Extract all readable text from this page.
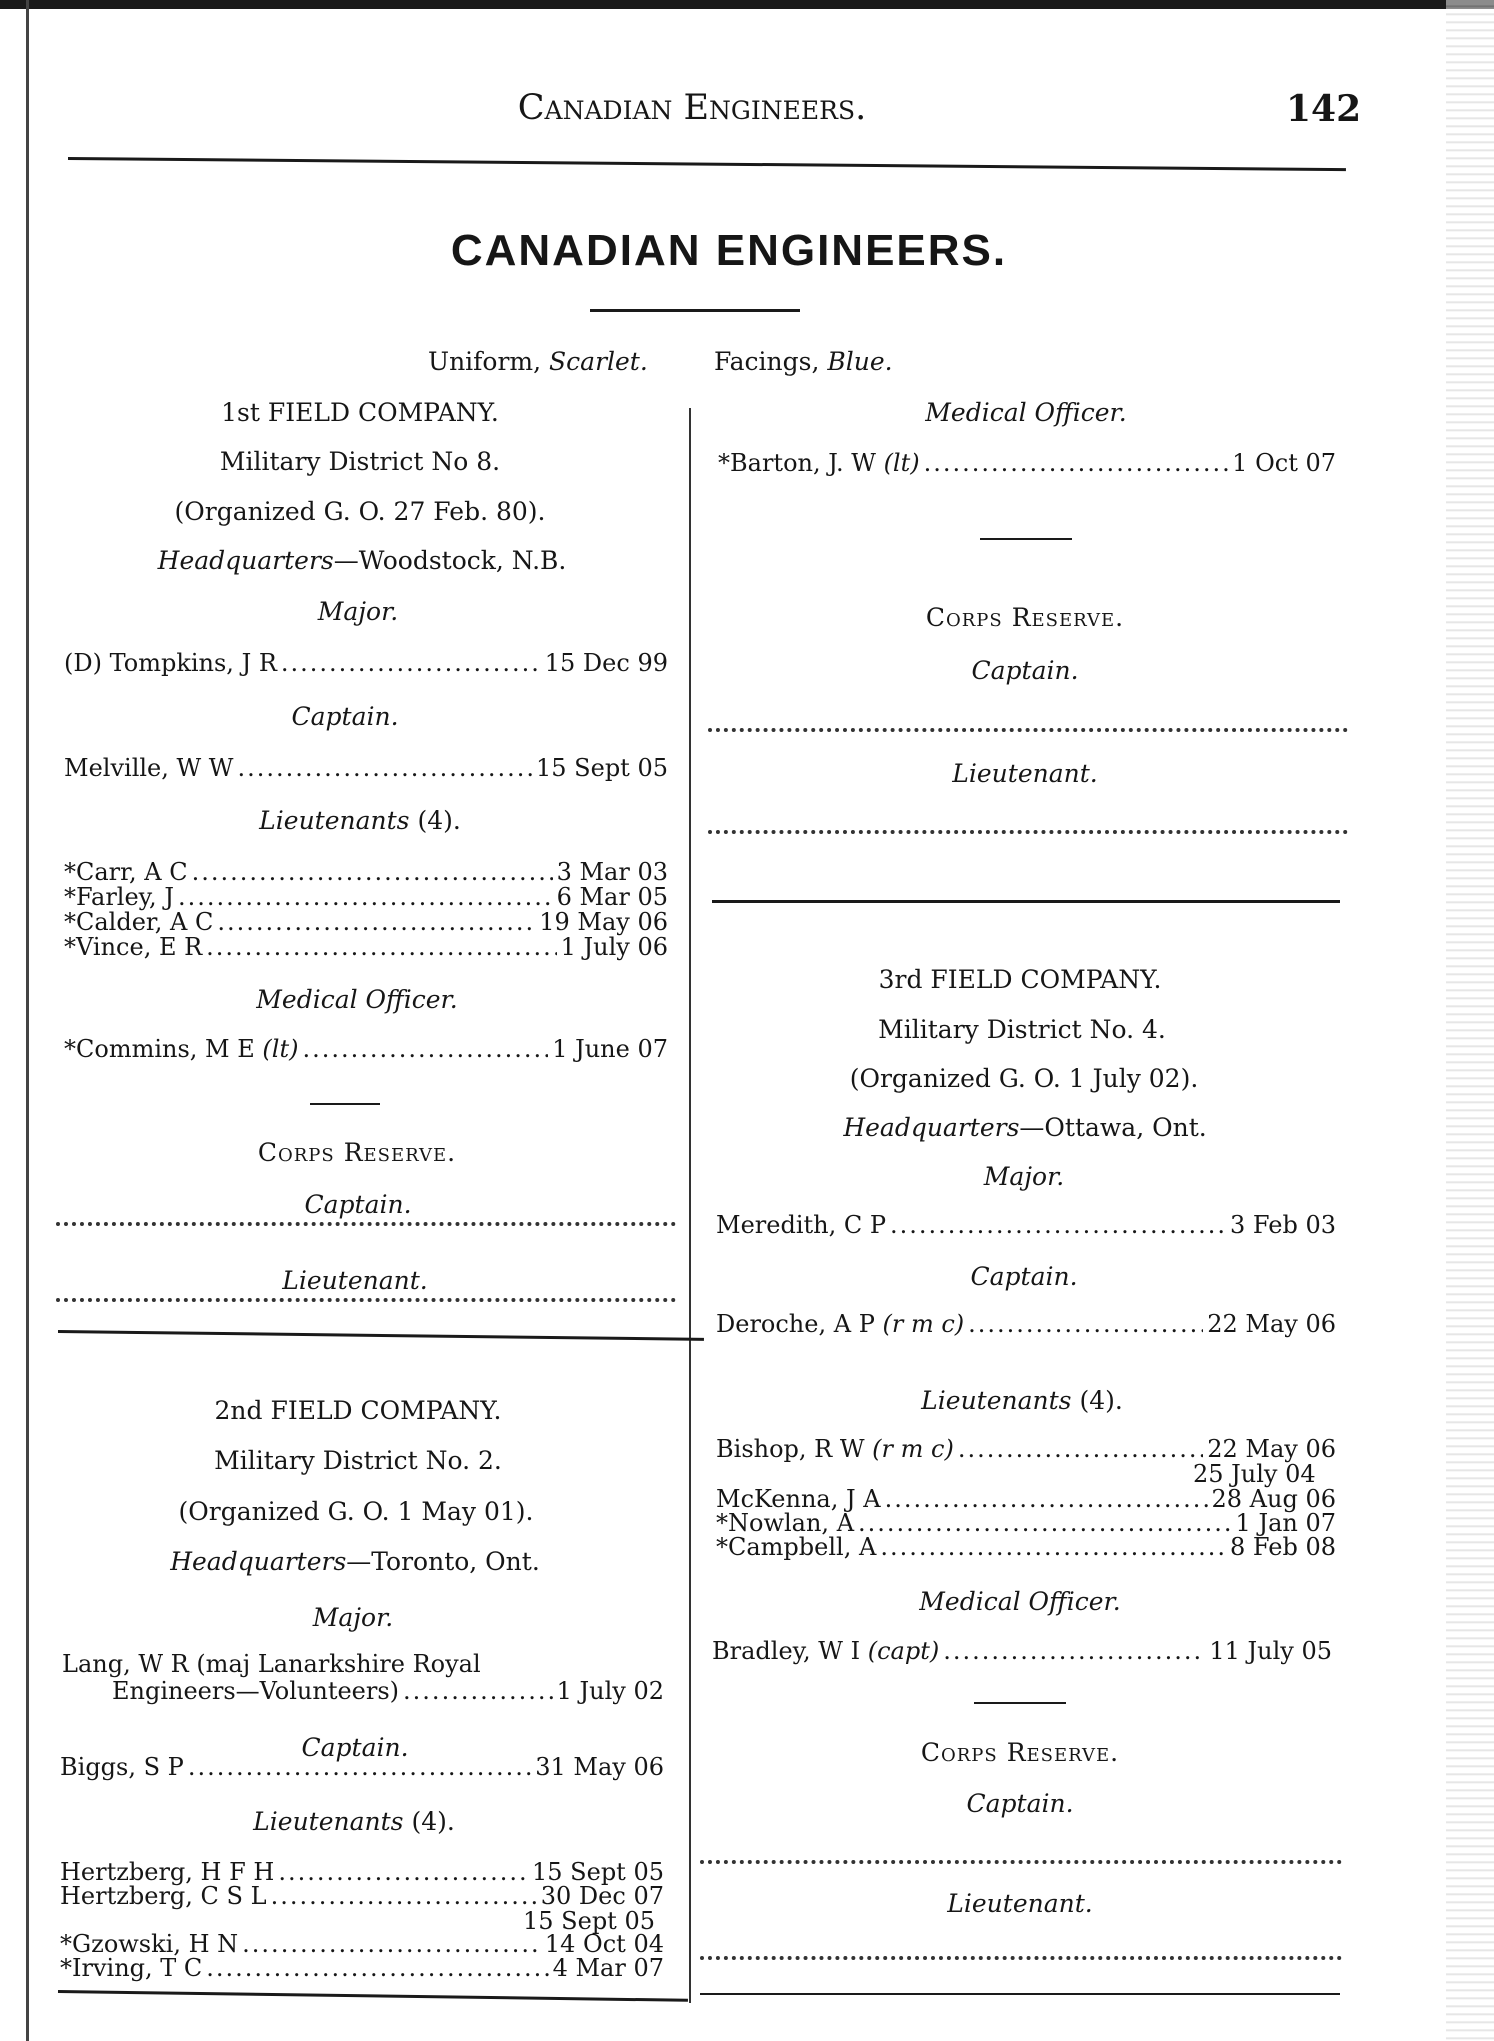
Canadian Engineers.	142
CANADIAN ENGINEERS.
Uniform, Scarlet.	Facings, Blue.
1st FIELD COMPANY.
Military District No 8.
(Organized G. O. 27 Feb. 80).
Headquarters—Woodstock, N.B.
Major.
(D) Tompkins, J R .....	15 Dec 99
Captain.
Melville, W W .....	15 Sept 05
Lieutenants (4).
*Carr, A C .....	3 Mar 03
*Farley, J .....	6 Mar 05
*Calder, A C .....	19 May 06
*Vince, E R .....	1 July 06
Medical Officer.
*Commins, M E (lt) .....	1 June 07
Corps Reserve.
Captain.
Lieutenant.
2nd FIELD COMPANY.
Military District No. 2.
(Organized G. O. 1 May 01).
Headquarters—Toronto, Ont.
Major.
Lang, W R (maj Lanarkshire Royal
Engineers—Volunteers) .....	1 July 02
Captain.
Biggs, S P .....	31 May 06
Lieutenants (4).
Hertzberg, H F H .....	15 Sept 05
Hertzberg, C S L .....	30 Dec 07
15 Sept 05
*Gzowski, H N .....	14 Oct 04
*Irving, T C .....	4 Mar 07
Medical Officer.
*Barton, J. W (lt) .....	1 Oct 07
Corps Reserve.
Captain.
Lieutenant.
3rd FIELD COMPANY.
Military District No. 4.
(Organized G. O. 1 July 02).
Headquarters—Ottawa, Ont.
Major.
Meredith, C P .....	3 Feb 03
Captain.
Deroche, A P (r m c) .....	22 May 06
Lieutenants (4).
Bishop, R W (r m c) .....	22 May 06
25 July 04
McKenna, J A .....	28 Aug 06
*Nowlan, A .....	1 Jan 07
*Campbell, A .....	8 Feb 08
Medical Officer.
Bradley, W I (capt) .....	11 July 05
Corps Reserve.
Captain.
Lieutenant.
